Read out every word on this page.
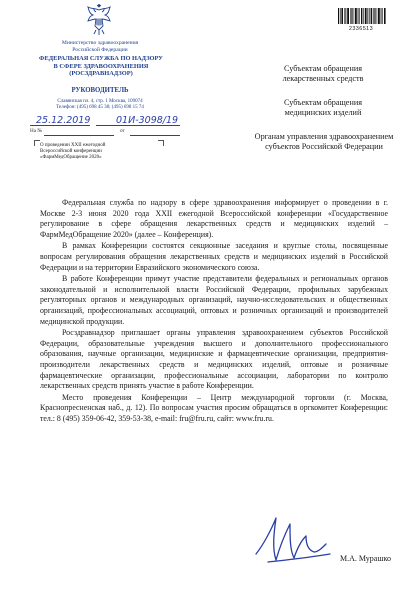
Министерство здравоохранения
Российской Федерации
ФЕДЕРАЛЬНАЯ СЛУЖБА ПО НАДЗОРУ
В СФЕРЕ ЗДРАВООХРАНЕНИЯ
(РОСЗДРАВНАДЗОР)
РУКОВОДИТЕЛЬ
Славянская пл. 4, стр. 1 Москва, 109074
Телефон: (495) 698 45 38; (495) 698 15 74
25.12.2019	01И-3098/19
На №	от
О проведении XXII ежегодной
Всероссийской конференции
«ФармМедОбращение 2020»
2336513
Субъектам обращения
лекарственных средств
Субъектам обращения
медицинских изделий
Органам управления здравоохранением
субъектов Российской Федерации

Федеральная служба по надзору в сфере здравоохранения информирует о проведении в г. Москве 2-3 июня 2020 года XXII ежегодной Всероссийской конференции «Государственное регулирование в сфере обращения лекарственных средств и медицинских изделий – ФармМедОбращение 2020» (далее – Конференция).

В рамках Конференции состоятся секционные заседания и круглые столы, посвященные вопросам регулирования обращения лекарственных средств и медицинских изделий в Российской Федерации и на территории Евразийского экономического союза.

В работе Конференции примут участие представители федеральных и региональных органов законодательной и исполнительной власти Российской Федерации, профильных зарубежных регуляторных органов и международных организаций, научно-исследовательских и общественных организаций, профессиональных ассоциаций, оптовых и розничных организаций и производителей медицинской продукции.

Росздравнадзор приглашает органы управления здравоохранением субъектов Российской Федерации, образовательные учреждения высшего и дополнительного профессионального образования, научные организации, медицинские и фармацевтические организации, предприятия-производители лекарственных средств и медицинских изделий, оптовые и розничные фармацевтические организации, профессиональные ассоциации, лаборатории по контролю лекарственных средств принять участие в работе Конференции.

Место проведения Конференции – Центр международной торговли (г. Москва, Краснопресненская наб., д. 12). По вопросам участия просим обращаться в оргкомитет Конференции: тел.: 8 (495) 359-06-42, 359-53-38, e-mail: fru@fru.ru, сайт: www.fru.ru.

М.А. Мурашко
